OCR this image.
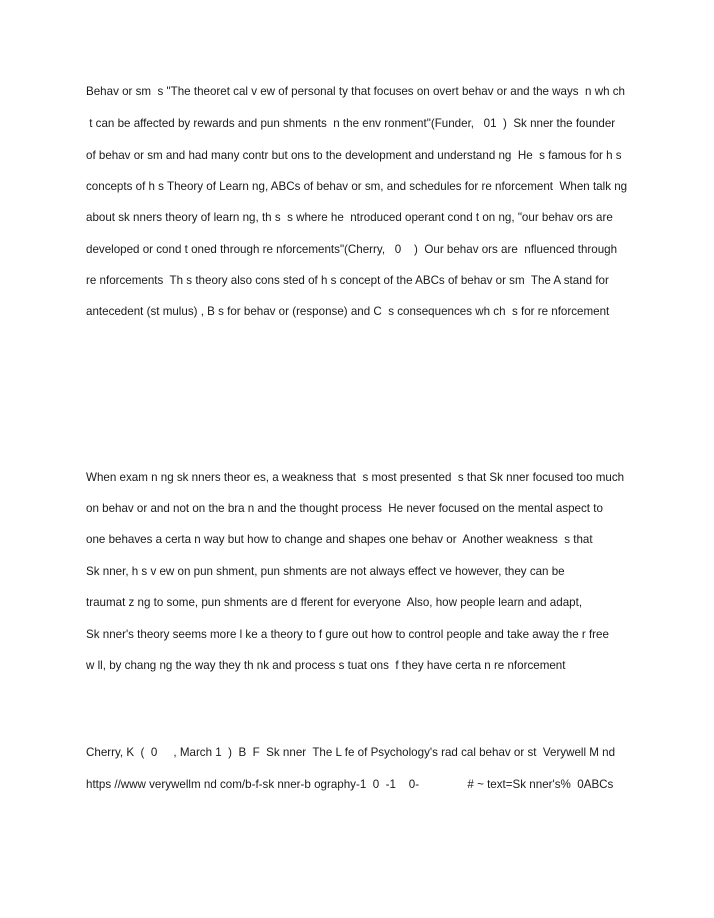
Behav or sm  s "The theoret cal v ew of personal ty that focuses on overt behav or and the ways  n wh ch
t can be affected by rewards and pun shments  n the env ronment"(Funder,   01  )  Sk nner the founder
of behav or sm and had many contr but ons to the development and understand ng  He  s famous for h s
concepts of h s Theory of Learn ng, ABCs of behav or sm, and schedules for re nforcement  When talk ng
about sk nners theory of learn ng, th s  s where he  ntroduced operant cond t on ng, "our behav ors are
developed or cond t oned through re nforcements"(Cherry,   0    )  Our behav ors are  nfluenced through
re nforcements  Th s theory also cons sted of h s concept of the ABCs of behav or sm  The A stand for
antecedent (st mulus) , B s for behav or (response) and C  s consequences wh ch  s for re nforcement
When exam n ng sk nners theor es, a weakness that  s most presented  s that Sk nner focused too much
on behav or and not on the bra n and the thought process  He never focused on the mental aspect to
one behaves a certa n way but how to change and shapes one behav or  Another weakness  s that
Sk nner, h s v ew on pun shment, pun shments are not always effect ve however, they can be
traumat z ng to some, pun shments are d fferent for everyone  Also, how people learn and adapt,
Sk nner's theory seems more l ke a theory to f gure out how to control people and take away the r free
w ll, by chang ng the way they th nk and process s tuat ons  f they have certa n re nforcement
Cherry, K  (  0     , March 1  )  B  F  Sk nner  The L fe of Psychology's rad cal behav or st  Verywell M nd
https //www verywellm nd com/b-f-sk nner-b ography-1  0  -1    0-               # ~ text=Sk nner's%  0ABCs
